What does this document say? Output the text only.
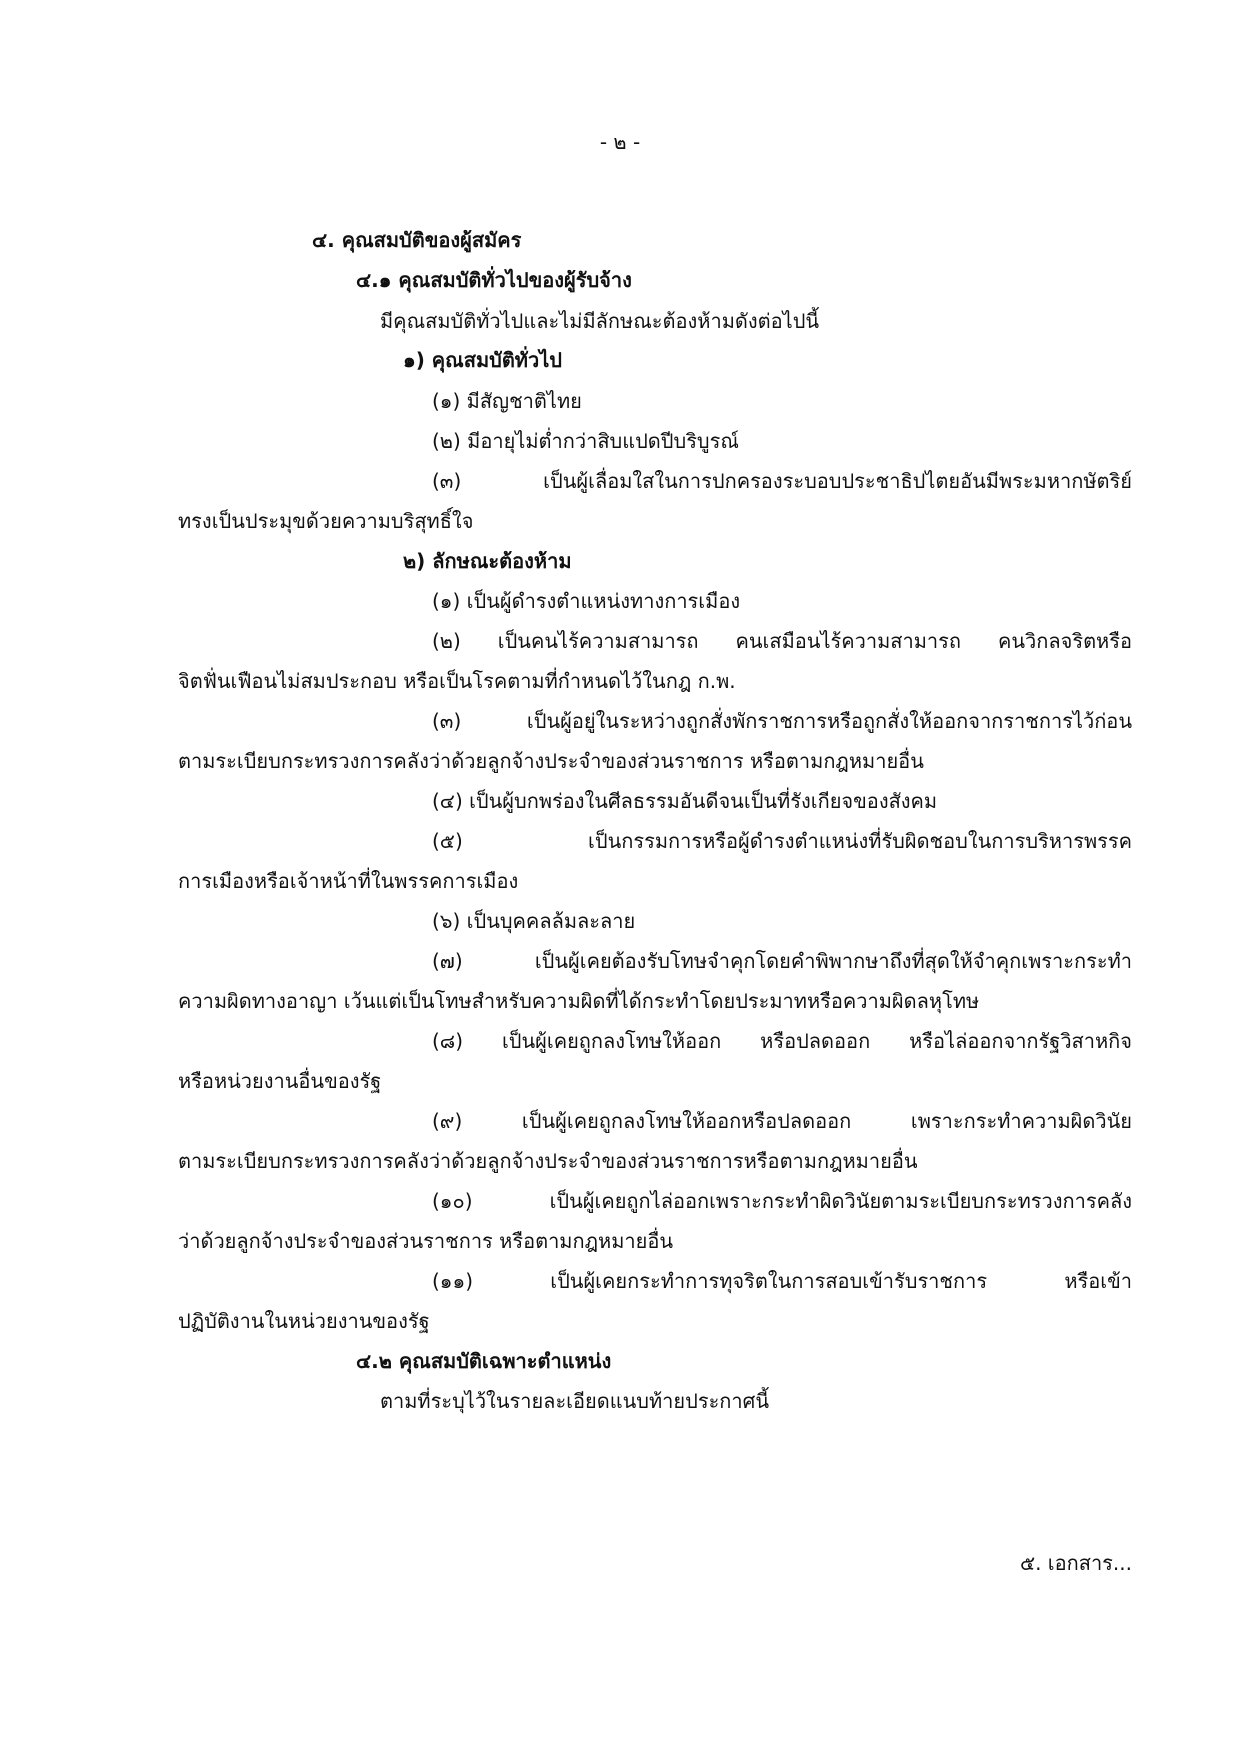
- ๒ -
๔. คุณสมบัติของผู้สมัคร
๔.๑ คุณสมบัติทั่วไปของผู้รับจ้าง
มีคุณสมบัติทั่วไปและไม่มีลักษณะต้องห้ามดังต่อไปนี้
๑) คุณสมบัติทั่วไป
(๑) มีสัญชาติไทย
(๒) มีอายุไม่ต่ำกว่าสิบแปดปีบริบูรณ์
(๓) เป็นผู้เลื่อมใสในการปกครองระบอบประชาธิปไตยอันมีพระมหากษัตริย์
ทรงเป็นประมุขด้วยความบริสุทธิ์ใจ
๒) ลักษณะต้องห้าม
(๑) เป็นผู้ดำรงตำแหน่งทางการเมือง
(๒) เป็นคนไร้ความสามารถ คนเสมือนไร้ความสามารถ คนวิกลจริตหรือ
จิตฟั่นเฟือนไม่สมประกอบ หรือเป็นโรคตามที่กำหนดไว้ในกฎ ก.พ.
(๓) เป็นผู้อยู่ในระหว่างถูกสั่งพักราชการหรือถูกสั่งให้ออกจากราชการไว้ก่อน
ตามระเบียบกระทรวงการคลังว่าด้วยลูกจ้างประจำของส่วนราชการ หรือตามกฎหมายอื่น
(๔) เป็นผู้บกพร่องในศีลธรรมอันดีจนเป็นที่รังเกียจของสังคม
(๕) เป็นกรรมการหรือผู้ดำรงตำแหน่งที่รับผิดชอบในการบริหารพรรค
การเมืองหรือเจ้าหน้าที่ในพรรคการเมือง
(๖) เป็นบุคคลล้มละลาย
(๗) เป็นผู้เคยต้องรับโทษจำคุกโดยคำพิพากษาถึงที่สุดให้จำคุกเพราะกระทำ
ความผิดทางอาญา เว้นแต่เป็นโทษสำหรับความผิดที่ได้กระทำโดยประมาทหรือความผิดลหุโทษ
(๘) เป็นผู้เคยถูกลงโทษให้ออก หรือปลดออก หรือไล่ออกจากรัฐวิสาหกิจ
หรือหน่วยงานอื่นของรัฐ
(๙) เป็นผู้เคยถูกลงโทษให้ออกหรือปลดออก เพราะกระทำความผิดวินัย
ตามระเบียบกระทรวงการคลังว่าด้วยลูกจ้างประจำของส่วนราชการหรือตามกฎหมายอื่น
(๑๐) เป็นผู้เคยถูกไล่ออกเพราะกระทำผิดวินัยตามระเบียบกระทรวงการคลัง
ว่าด้วยลูกจ้างประจำของส่วนราชการ หรือตามกฎหมายอื่น
(๑๑) เป็นผู้เคยกระทำการทุจริตในการสอบเข้ารับราชการ หรือเข้า
ปฏิบัติงานในหน่วยงานของรัฐ
๔.๒ คุณสมบัติเฉพาะตำแหน่ง
ตามที่ระบุไว้ในรายละเอียดแนบท้ายประกาศนี้
๕. เอกสาร...
